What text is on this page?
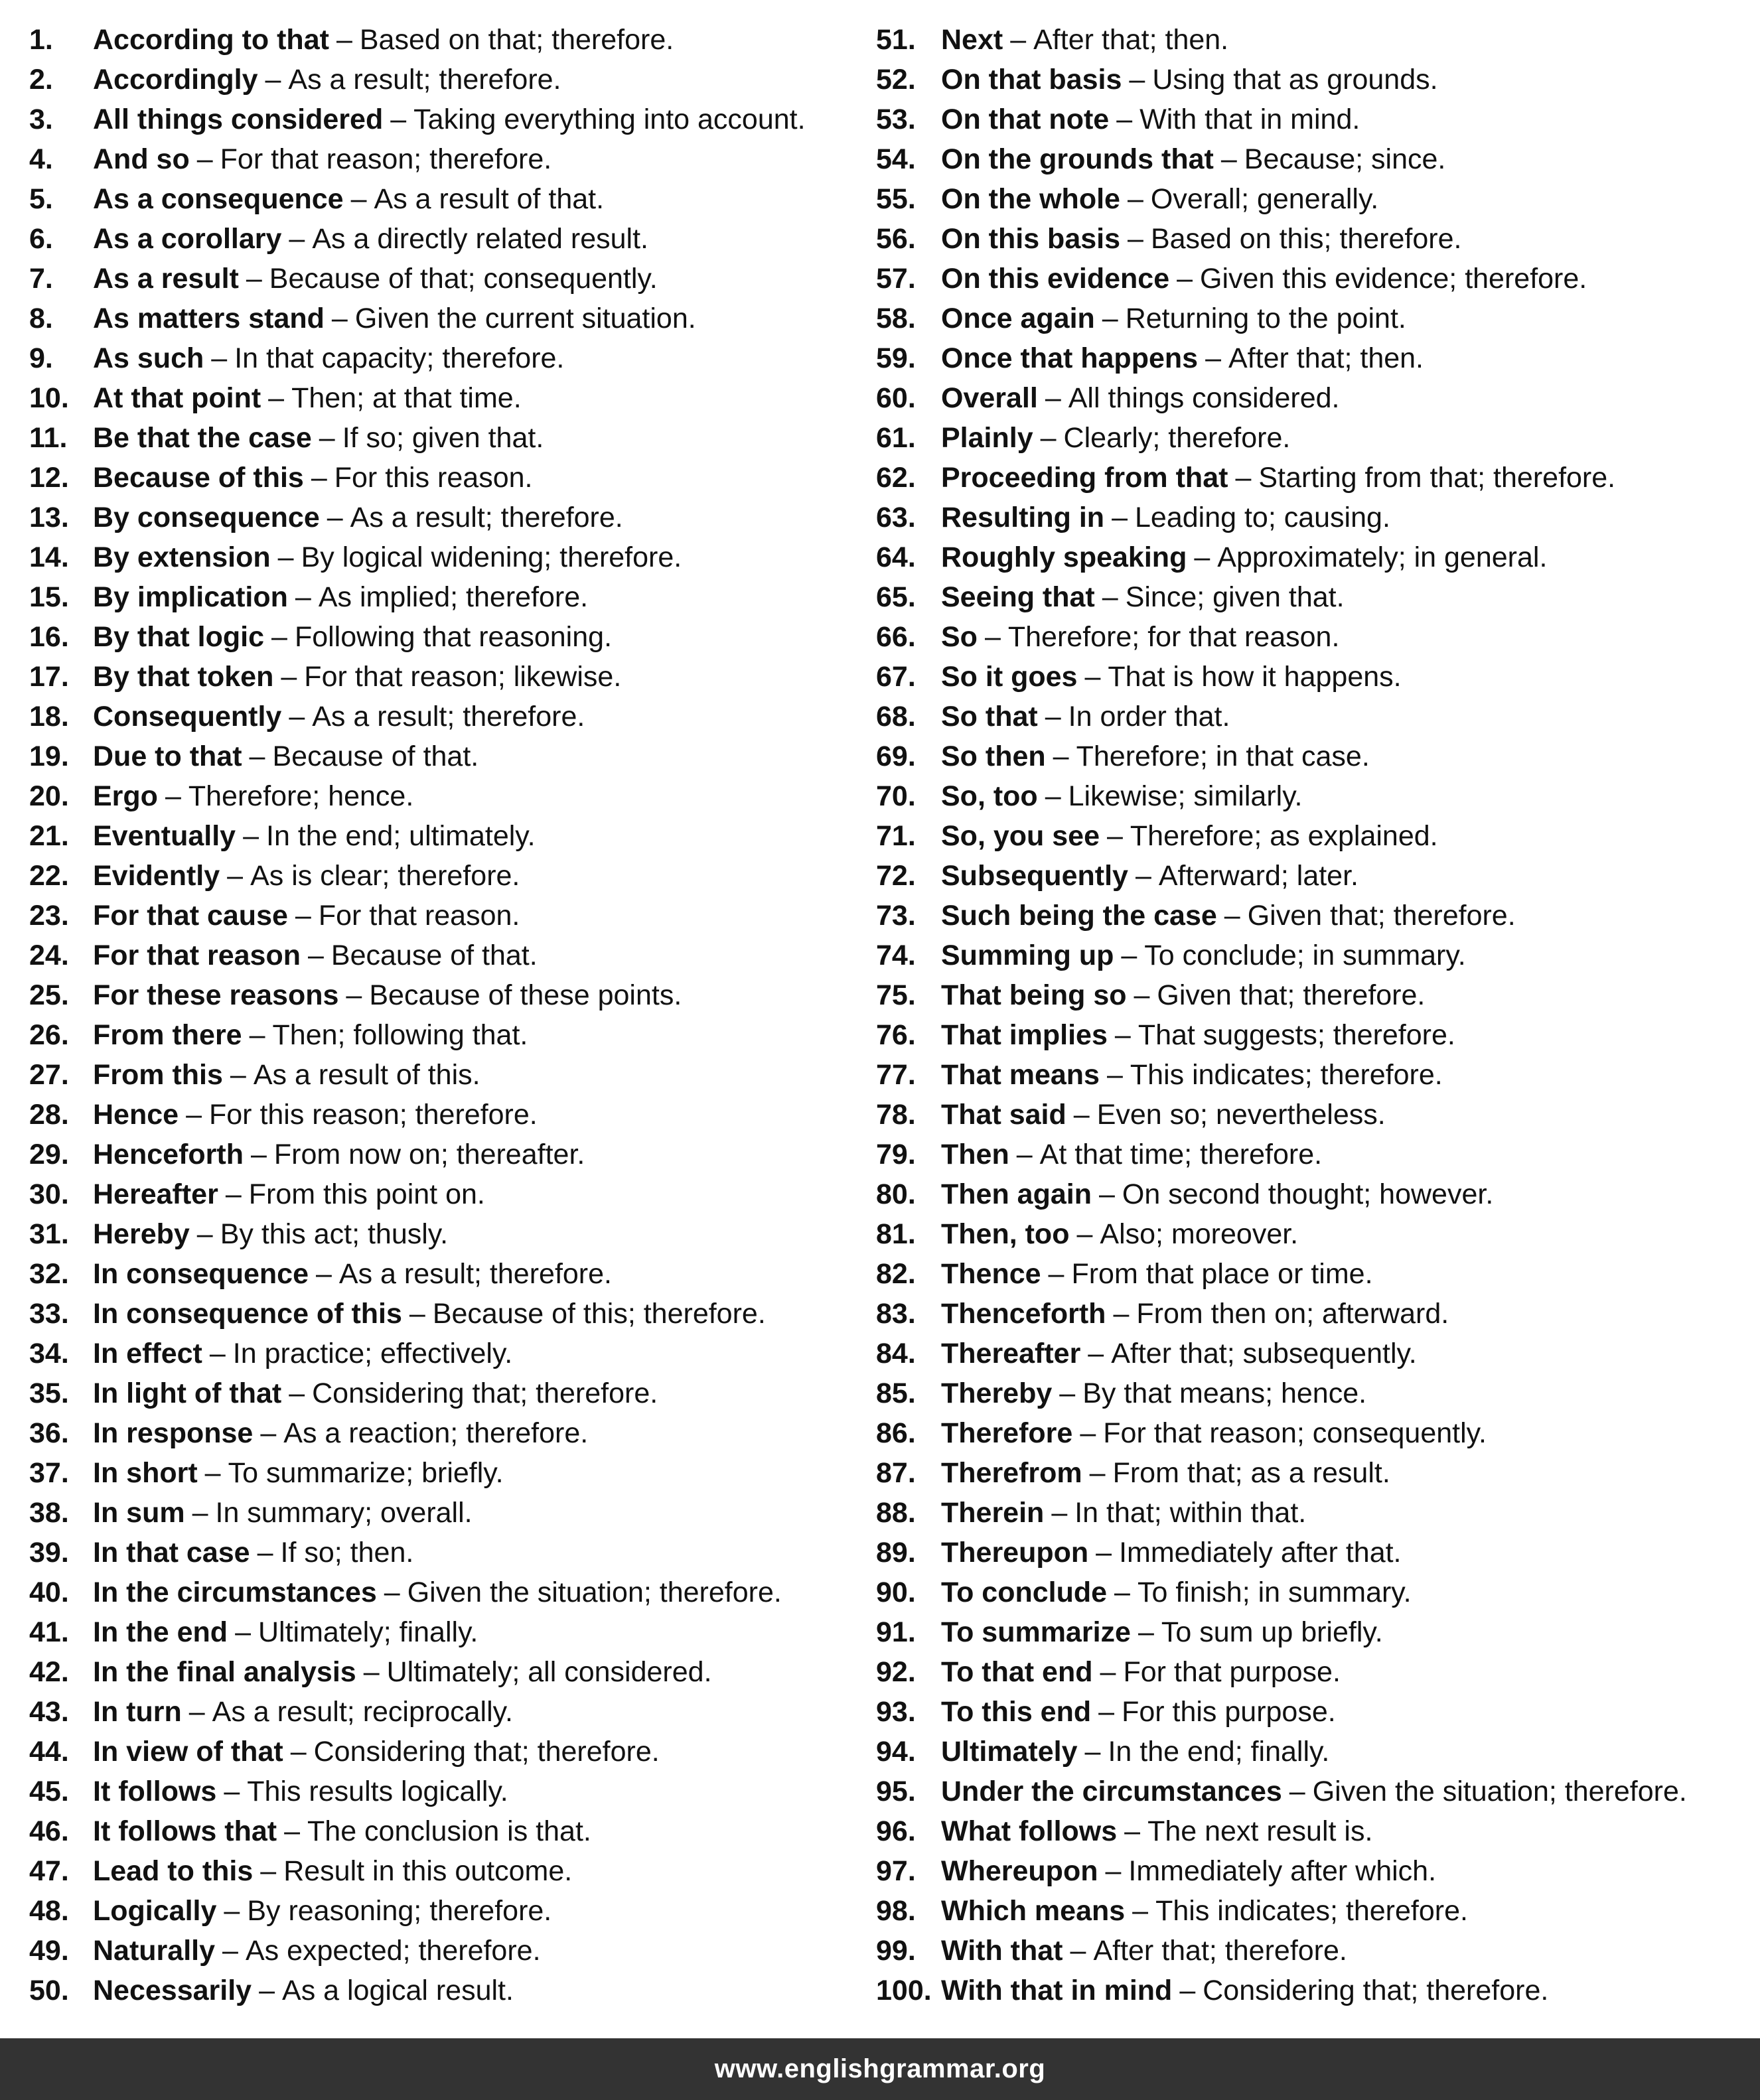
1.	According to that – Based on that; therefore.
2.	Accordingly – As a result; therefore.
3.	All things considered – Taking everything into account.
4.	And so – For that reason; therefore.
5.	As a consequence – As a result of that.
6.	As a corollary – As a directly related result.
7.	As a result – Because of that; consequently.
8.	As matters stand – Given the current situation.
9.	As such – In that capacity; therefore.
10. At that point – Then; at that time.
11. Be that the case – If so; given that.
12. Because of this – For this reason.
13. By consequence – As a result; therefore.
14. By extension – By logical widening; therefore.
15. By implication – As implied; therefore.
16. By that logic – Following that reasoning.
17. By that token – For that reason; likewise.
18. Consequently – As a result; therefore.
19. Due to that – Because of that.
20. Ergo – Therefore; hence.
21. Eventually – In the end; ultimately.
22. Evidently – As is clear; therefore.
23. For that cause – For that reason.
24. For that reason – Because of that.
25. For these reasons – Because of these points.
26. From there – Then; following that.
27. From this – As a result of this.
28. Hence – For this reason; therefore.
29. Henceforth – From now on; thereafter.
30. Hereafter – From this point on.
31. Hereby – By this act; thusly.
32. In consequence – As a result; therefore.
33. In consequence of this – Because of this; therefore.
34. In effect – In practice; effectively.
35. In light of that – Considering that; therefore.
36. In response – As a reaction; therefore.
37. In short – To summarize; briefly.
38. In sum – In summary; overall.
39. In that case – If so; then.
40. In the circumstances – Given the situation; therefore.
41. In the end – Ultimately; finally.
42. In the final analysis – Ultimately; all considered.
43. In turn – As a result; reciprocally.
44. In view of that – Considering that; therefore.
45. It follows – This results logically.
46. It follows that – The conclusion is that.
47. Lead to this – Result in this outcome.
48. Logically – By reasoning; therefore.
49. Naturally – As expected; therefore.
50. Necessarily – As a logical result.
51. Next – After that; then.
52. On that basis – Using that as grounds.
53. On that note – With that in mind.
54. On the grounds that – Because; since.
55. On the whole – Overall; generally.
56. On this basis – Based on this; therefore.
57. On this evidence – Given this evidence; therefore.
58. Once again – Returning to the point.
59. Once that happens – After that; then.
60. Overall – All things considered.
61. Plainly – Clearly; therefore.
62. Proceeding from that – Starting from that; therefore.
63. Resulting in – Leading to; causing.
64. Roughly speaking – Approximately; in general.
65. Seeing that – Since; given that.
66. So – Therefore; for that reason.
67. So it goes – That is how it happens.
68. So that – In order that.
69. So then – Therefore; in that case.
70. So, too – Likewise; similarly.
71. So, you see – Therefore; as explained.
72. Subsequently – Afterward; later.
73. Such being the case – Given that; therefore.
74. Summing up – To conclude; in summary.
75. That being so – Given that; therefore.
76. That implies – That suggests; therefore.
77. That means – This indicates; therefore.
78. That said – Even so; nevertheless.
79. Then – At that time; therefore.
80. Then again – On second thought; however.
81. Then, too – Also; moreover.
82. Thence – From that place or time.
83. Thenceforth – From then on; afterward.
84. Thereafter – After that; subsequently.
85. Thereby – By that means; hence.
86. Therefore – For that reason; consequently.
87. Therefrom – From that; as a result.
88. Therein – In that; within that.
89. Thereupon – Immediately after that.
90. To conclude – To finish; in summary.
91. To summarize – To sum up briefly.
92. To that end – For that purpose.
93. To this end – For this purpose.
94. Ultimately – In the end; finally.
95. Under the circumstances – Given the situation; therefore.
96. What follows – The next result is.
97. Whereupon – Immediately after which.
98. Which means – This indicates; therefore.
99. With that – After that; therefore.
100. With that in mind – Considering that; therefore.
www.englishgrammar.org
